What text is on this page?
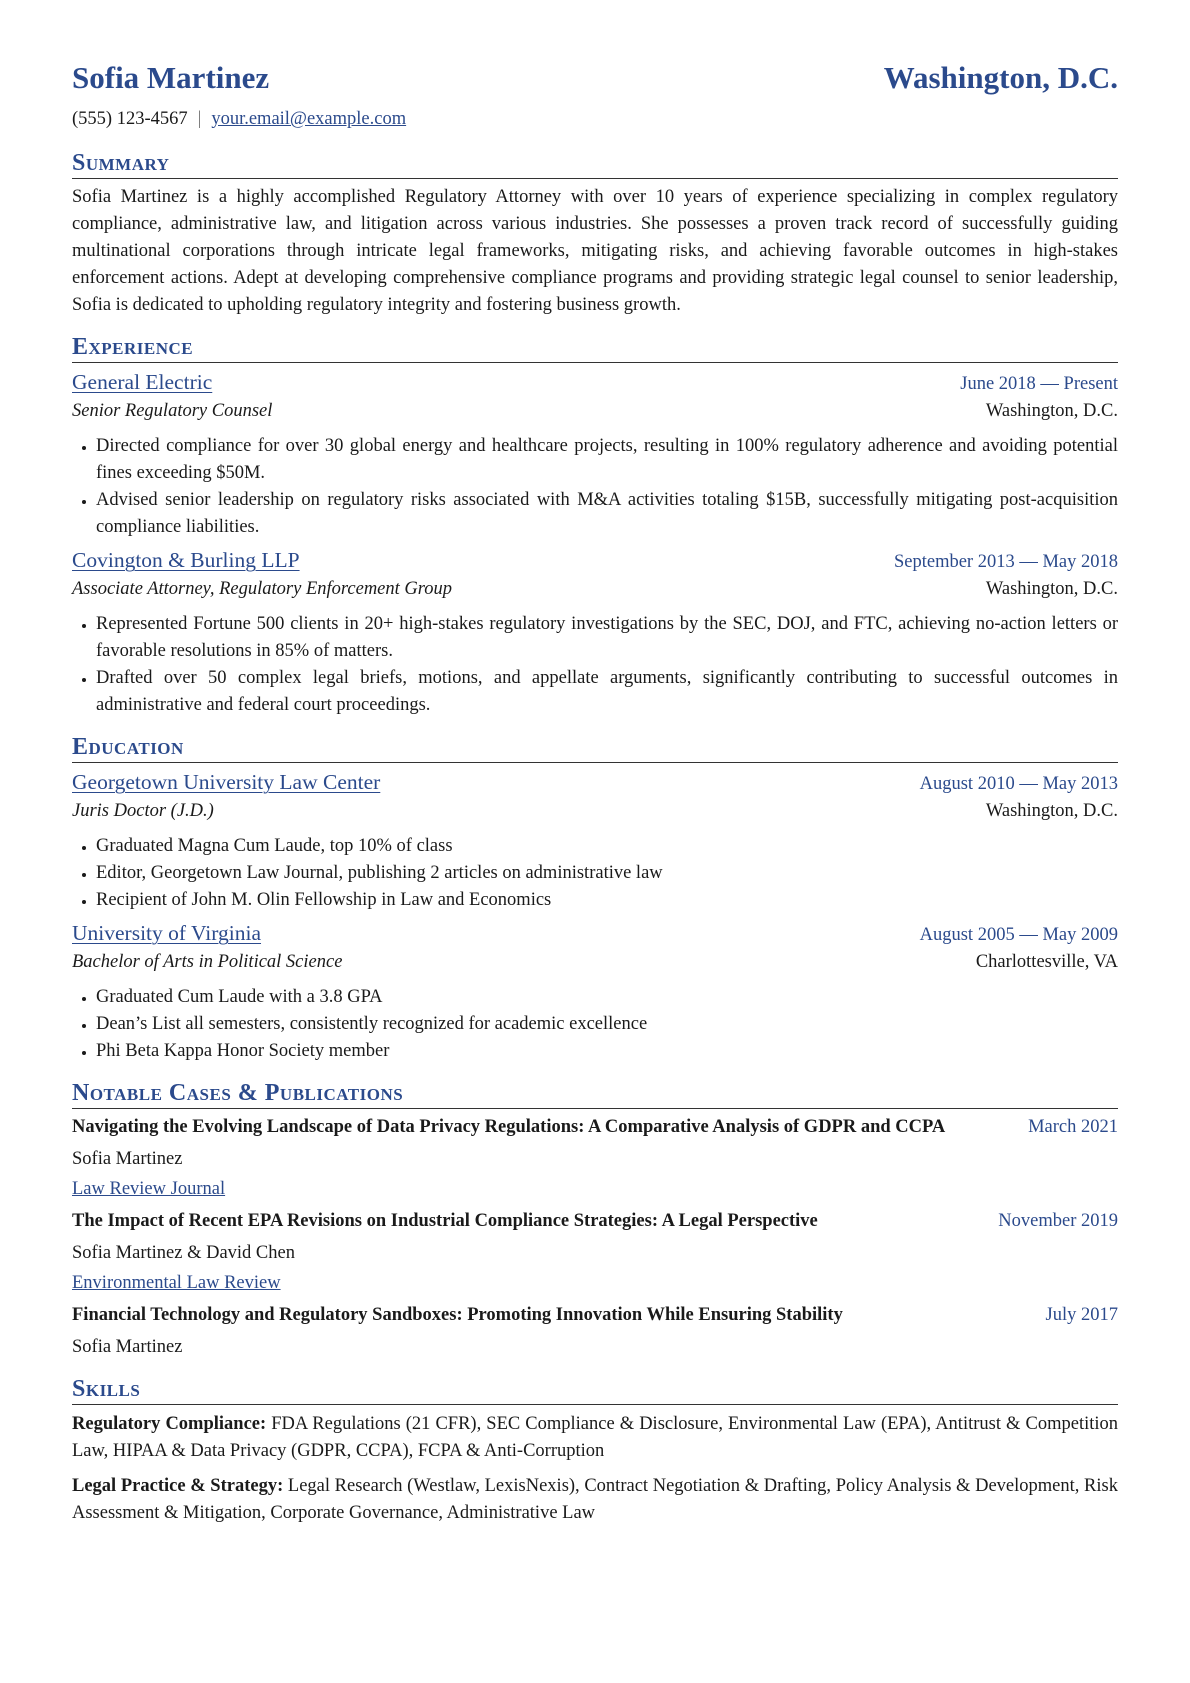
Sofia Martinez	Washington, D.C.
(555) 123-4567 | your.email@example.com
Summary
Sofia Martinez is a highly accomplished Regulatory Attorney with over 10 years of experience specializing in complex regulatory compliance, administrative law, and litigation across various industries. She possesses a proven track record of successfully guiding multinational corporations through intricate legal frameworks, mitigating risks, and achieving favorable outcomes in high-stakes enforcement actions. Adept at developing comprehensive compliance programs and providing strategic legal counsel to senior leadership, Sofia is dedicated to upholding regulatory integrity and fostering business growth.
Experience
General Electric	June 2018 — Present
Senior Regulatory Counsel	Washington, D.C.
• Directed compliance for over 30 global energy and healthcare projects, resulting in 100% regulatory adherence and avoiding potential fines exceeding $50M.
• Advised senior leadership on regulatory risks associated with M&A activities totaling $15B, successfully mitigating post-acquisition compliance liabilities.
Covington & Burling LLP	September 2013 — May 2018
Associate Attorney, Regulatory Enforcement Group	Washington, D.C.
• Represented Fortune 500 clients in 20+ high-stakes regulatory investigations by the SEC, DOJ, and FTC, achieving no-action letters or favorable resolutions in 85% of matters.
• Drafted over 50 complex legal briefs, motions, and appellate arguments, significantly contributing to successful outcomes in administrative and federal court proceedings.
Education
Georgetown University Law Center	August 2010 — May 2013
Juris Doctor (J.D.)	Washington, D.C.
• Graduated Magna Cum Laude, top 10% of class
• Editor, Georgetown Law Journal, publishing 2 articles on administrative law
• Recipient of John M. Olin Fellowship in Law and Economics
University of Virginia	August 2005 — May 2009
Bachelor of Arts in Political Science	Charlottesville, VA
• Graduated Cum Laude with a 3.8 GPA
• Dean’s List all semesters, consistently recognized for academic excellence
• Phi Beta Kappa Honor Society member
Notable Cases & Publications
Navigating the Evolving Landscape of Data Privacy Regulations: A Comparative Analysis of GDPR and CCPA	March 2021
Sofia Martinez
Law Review Journal
The Impact of Recent EPA Revisions on Industrial Compliance Strategies: A Legal Perspective	November 2019
Sofia Martinez & David Chen
Environmental Law Review
Financial Technology and Regulatory Sandboxes: Promoting Innovation While Ensuring Stability	July 2017
Sofia Martinez
Skills
Regulatory Compliance: FDA Regulations (21 CFR), SEC Compliance & Disclosure, Environmental Law (EPA), Antitrust & Competition Law, HIPAA & Data Privacy (GDPR, CCPA), FCPA & Anti-Corruption
Legal Practice & Strategy: Legal Research (Westlaw, LexisNexis), Contract Negotiation & Drafting, Policy Analysis & Development, Risk Assessment & Mitigation, Corporate Governance, Administrative Law
